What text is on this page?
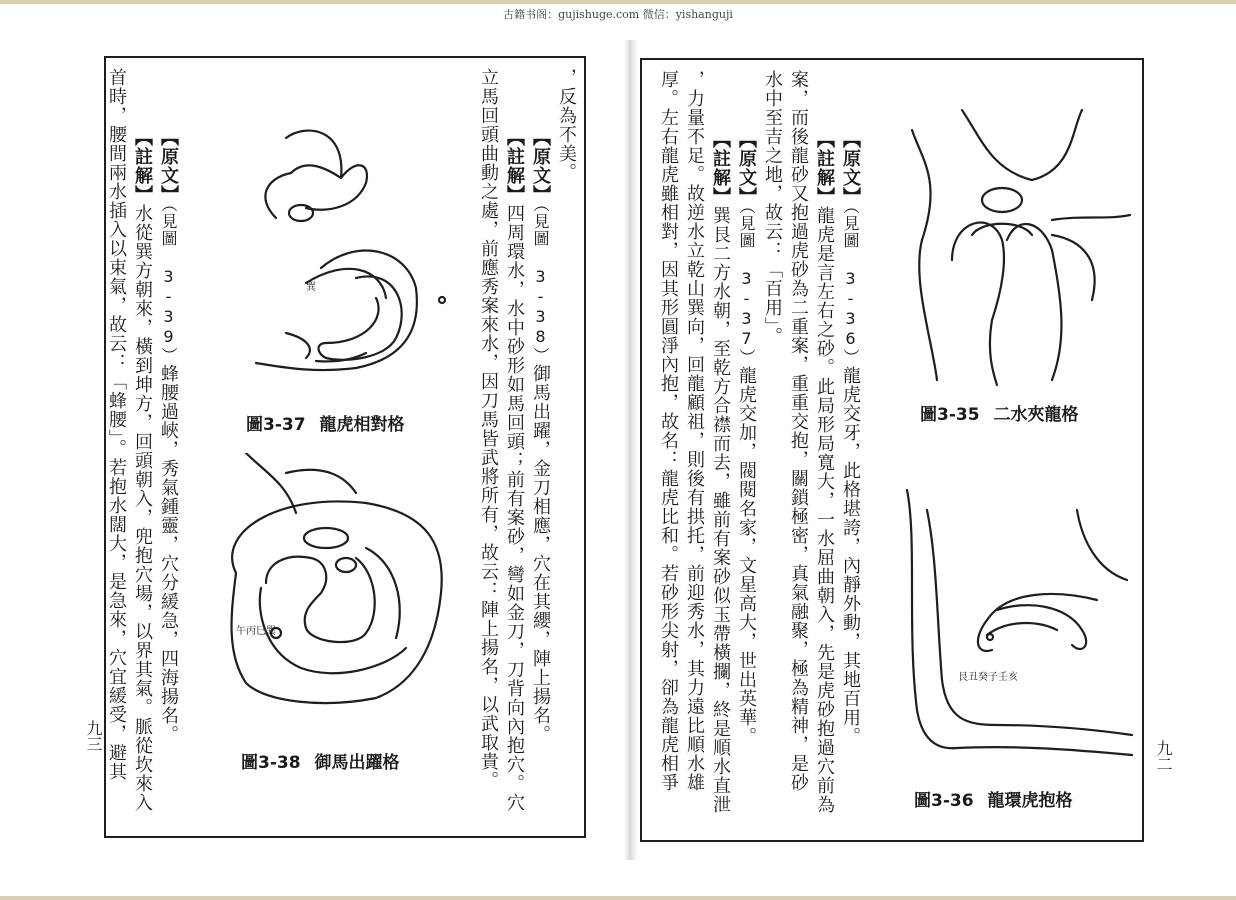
古籍书阁：gujishuge.com 微信：yishanguji
，反為不美。
【原文】（見圖 3-38）御馬出躍，金刀相應，穴在其纓，陣上揚名。
【註解】四周環水，水中砂形如馬回頭；前有案砂，彎如金刀，刀背向內抱穴。穴
立馬回頭曲動之處，前應秀案來水，因刀馬皆武將所有，故云：陣上揚名，以武取貴。
【原文】（見圖 3-39）蜂腰過峽，秀氣鍾靈，穴分緩急，四海揚名。
【註解】水從巽方朝來，橫到坤方，回頭朝入，兜抱穴場，以界其氣。脈從坎來入
首時，腰間兩水插入以束氣，故云：「蜂腰」。若抱水闊大，是急來，穴宜緩受，避其	巽
圖3-37 龍虎相對格
午丙巳巽
圖3-38 御馬出躍格
九三
【原文】（見圖 3-36）龍虎交牙，此格堪誇，內靜外動，其地百用。
【註解】龍虎是言左右之砂。此局形局寬大，一水屈曲朝入，先是虎砂抱過穴前為
案，而後龍砂又抱過虎砂為二重案，重重交抱，關鎖極密，真氣融聚，極為精神，是砂
水中至吉之地，故云：「百用」。
【原文】（見圖 3-37）龍虎交加，閥閱名家，文星高大，世出英華。
【註解】巽艮二方水朝，至乾方合襟而去，雖前有案砂似玉帶橫攔，終是順水直泄
，力量不足。故逆水立乾山巽向，回龍顧祖，則後有拱托，前迎秀水，其力遠比順水雄
厚。左右龍虎雖相對，因其形圓淨內抱，故名：龍虎比和。若砂形尖射，卻為龍虎相爭	圖3-35 二水夾龍格
艮丑癸子壬亥
圖3-36 龍環虎抱格
九二
